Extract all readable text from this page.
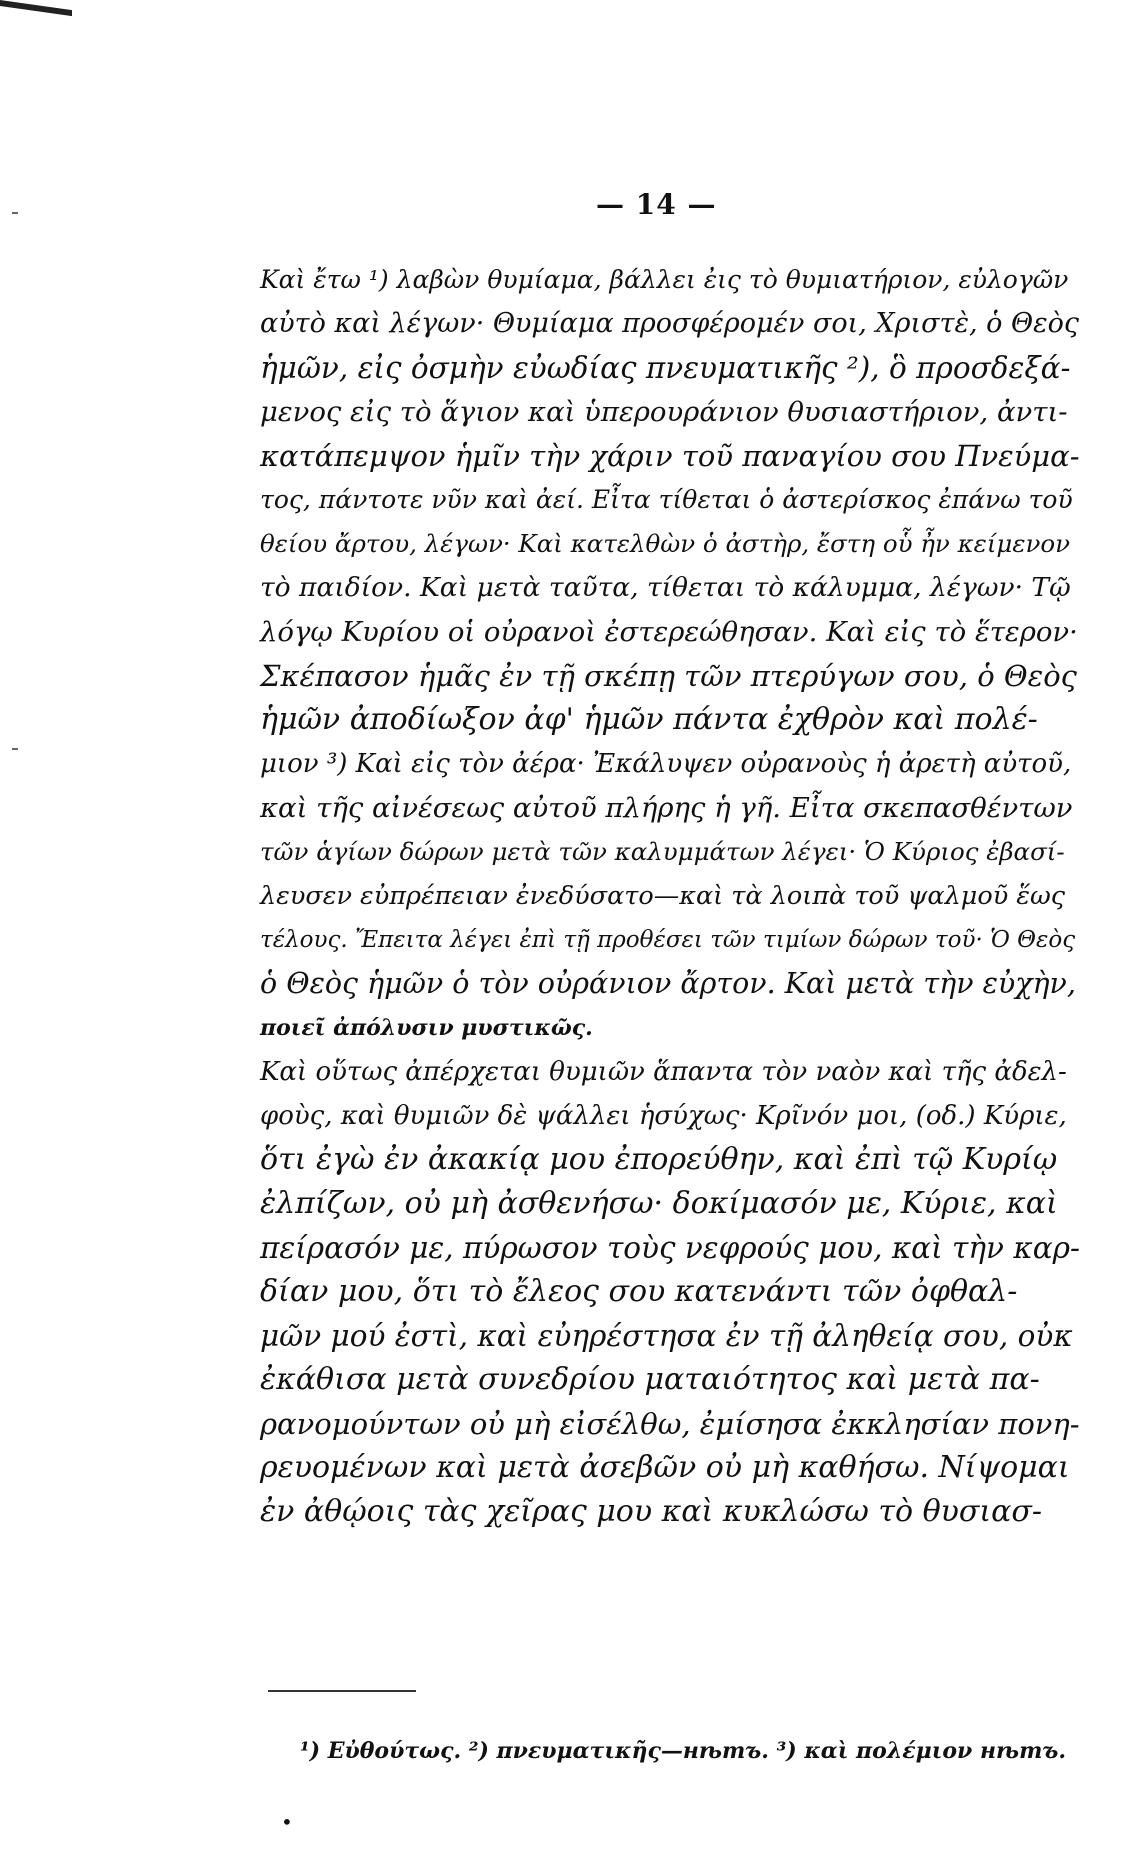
— 14 —
Καὶ ἔτω ¹) λαβὼν θυμίαμα, βάλλει ἐις τὸ θυμιατήριον, εὐλογῶν
αὐτὸ καὶ λέγων· Θυμίαμα προσφέρομέν σοι, Χριστὲ, ὁ Θεὸς
ἡμῶν, εἰς ὀσμὴν εὐωδίας πνευματικῆς ²), ὃ προσδεξά-
μενος εἰς τὸ ἅγιον καὶ ὑπερουράνιον θυσιαστήριον, ἀντι-
κατάπεμψον ἡμῖν τὴν χάριν τοῦ παναγίου σου Πνεύμα-
τος, πάντοτε νῦν καὶ ἀεί. Εἶτα τίθεται ὁ ἀστερίσκος ἐπάνω τοῦ
θείου ἄρτου, λέγων· Καὶ κατελθὼν ὁ ἀστὴρ, ἔστη οὗ ἦν κείμενον
τὸ παιδίον. Καὶ μετὰ ταῦτα, τίθεται τὸ κάλυμμα, λέγων· Τῷ
λόγῳ Κυρίου οἱ οὐρανοὶ ἐστερεώθησαν. Καὶ εἰς τὸ ἕτερον·
Σκέπασον ἡμᾶς ἐν τῇ σκέπῃ τῶν πτερύγων σου, ὁ Θεὸς
ἡμῶν ἀποδίωξον ἀφ' ἡμῶν πάντα ἐχθρὸν καὶ πολέ-
μιον ³) Καὶ εἰς τὸν ἀέρα· Ἐκάλυψεν οὐρανοὺς ἡ ἀρετὴ αὐτοῦ,
καὶ τῆς αἰνέσεως αὐτοῦ πλήρης ἡ γῆ. Εἶτα σκεπασθέντων
τῶν ἁγίων δώρων μετὰ τῶν καλυμμάτων λέγει· Ὁ Κύριος ἐβασί-
λευσεν εὐπρέπειαν ἐνεδύσατο—καὶ τὰ λοιπὰ τοῦ ψαλμοῦ ἕως
τέλους. Ἔπειτα λέγει ἐπὶ τῇ προθέσει τῶν τιμίων δώρων τοῦ· Ὁ Θεὸς
ὁ Θεὸς ἡμῶν ὁ τὸν οὐράνιον ἄρτον. Καὶ μετὰ τὴν εὐχὴν,
ποιεῖ ἀπόλυσιν μυστικῶς.
Καὶ οὕτως ἀπέρχεται θυμιῶν ἅπαντα τὸν ναὸν καὶ τῆς ἀδελ-
φοὺς, καὶ θυμιῶν δὲ ψάλλει ἡσύχως· Κρῖνόν μοι, (οδ.) Κύριε,
ὅτι ἐγὼ ἐν ἀκακίᾳ μου ἐπορεύθην, καὶ ἐπὶ τῷ Κυρίῳ
ἐλπίζων, οὐ μὴ ἀσθενήσω· δοκίμασόν με, Κύριε, καὶ
πείρασόν με, πύρωσον τοὺς νεφρούς μου, καὶ τὴν καρ-
δίαν μου, ὅτι τὸ ἔλεος σου κατενάντι τῶν ὀφθαλ-
μῶν μού ἐστὶ, καὶ εὐηρέστησα ἐν τῇ ἀληθείᾳ σου, οὐκ
ἐκάθισα μετὰ συνεδρίου ματαιότητος καὶ μετὰ πα-
ρανομούντων οὐ μὴ εἰσέλθω, ἐμίσησα ἐκκλησίαν πονη-
ρευομένων καὶ μετὰ ἀσεβῶν οὐ μὴ καθήσω. Νίψομαι
ἐν ἀθῴοις τὰς χεῖρας μου καὶ κυκλώσω τὸ θυσιασ-
¹) Εὐθούτως. ²) πνευματικῆς—нѣтъ. ³) καὶ πολέμιον нѣтъ.
•
